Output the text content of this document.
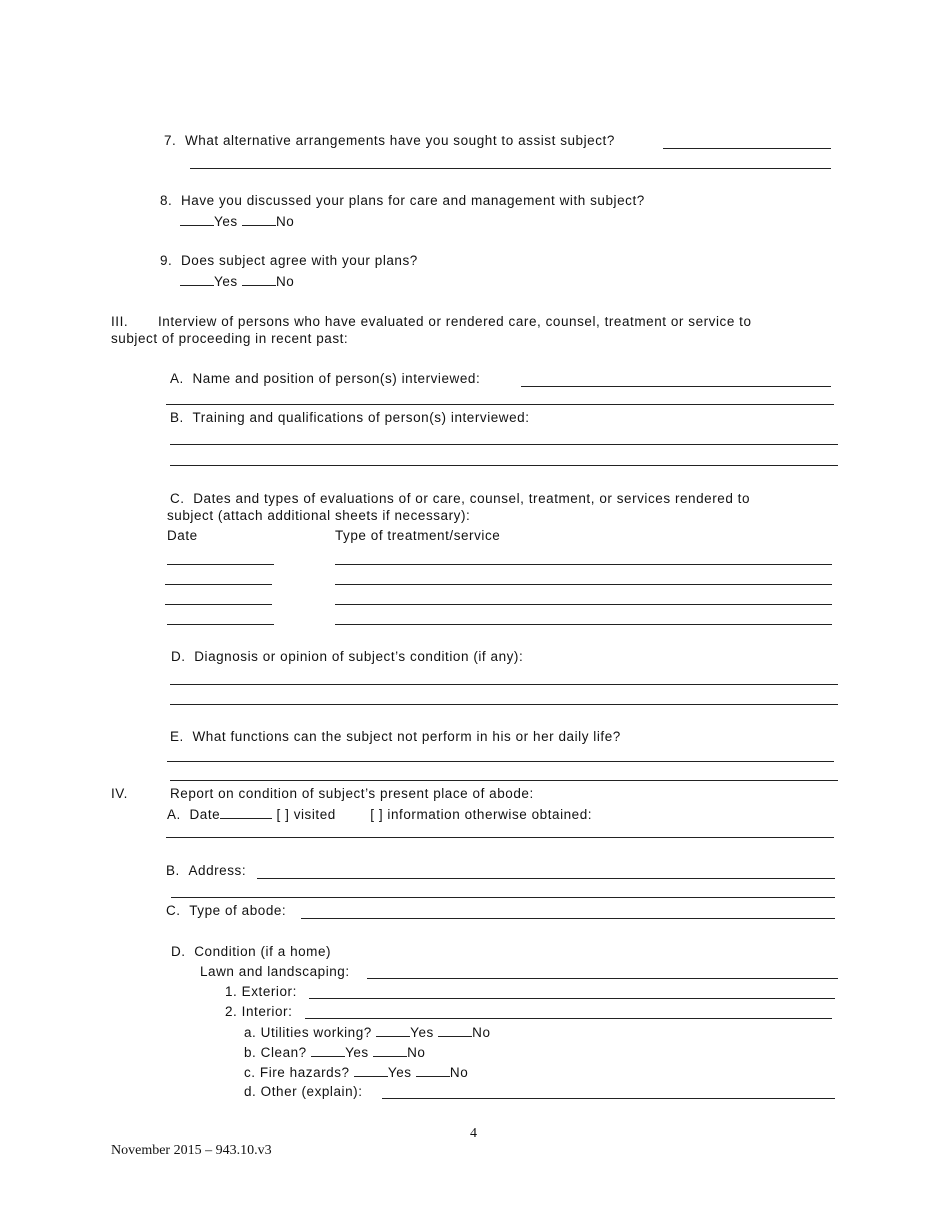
7. What alternative arrangements have you sought to assist subject?
8. Have you discussed your plans for care and management with subject?
Yes	No
9. Does subject agree with your plans?
Yes	No
III. Interview of persons who have evaluated or rendered care, counsel, treatment or service to
subject of proceeding in recent past:
A. Name and position of person(s) interviewed:
B. Training and qualifications of person(s) interviewed:
C. Dates and types of evaluations of or care, counsel, treatment, or services rendered to
subject (attach additional sheets if necessary):
Date	Type of treatment/service
D. Diagnosis or opinion of subject’s condition (if any):
E. What functions can the subject not perform in his or her daily life?
IV.	Report on condition of subject’s present place of abode:
A. Date	[ ] visited	[ ] information otherwise obtained:
B. Address:
C. Type of abode:
D. Condition (if a home)
Lawn and landscaping:
1. Exterior:
2. Interior:
a. Utilities working?	Yes	No
b. Clean?	Yes	No
c. Fire hazards?	Yes	No
d. Other (explain):
4
November 2015 – 943.10.v3
